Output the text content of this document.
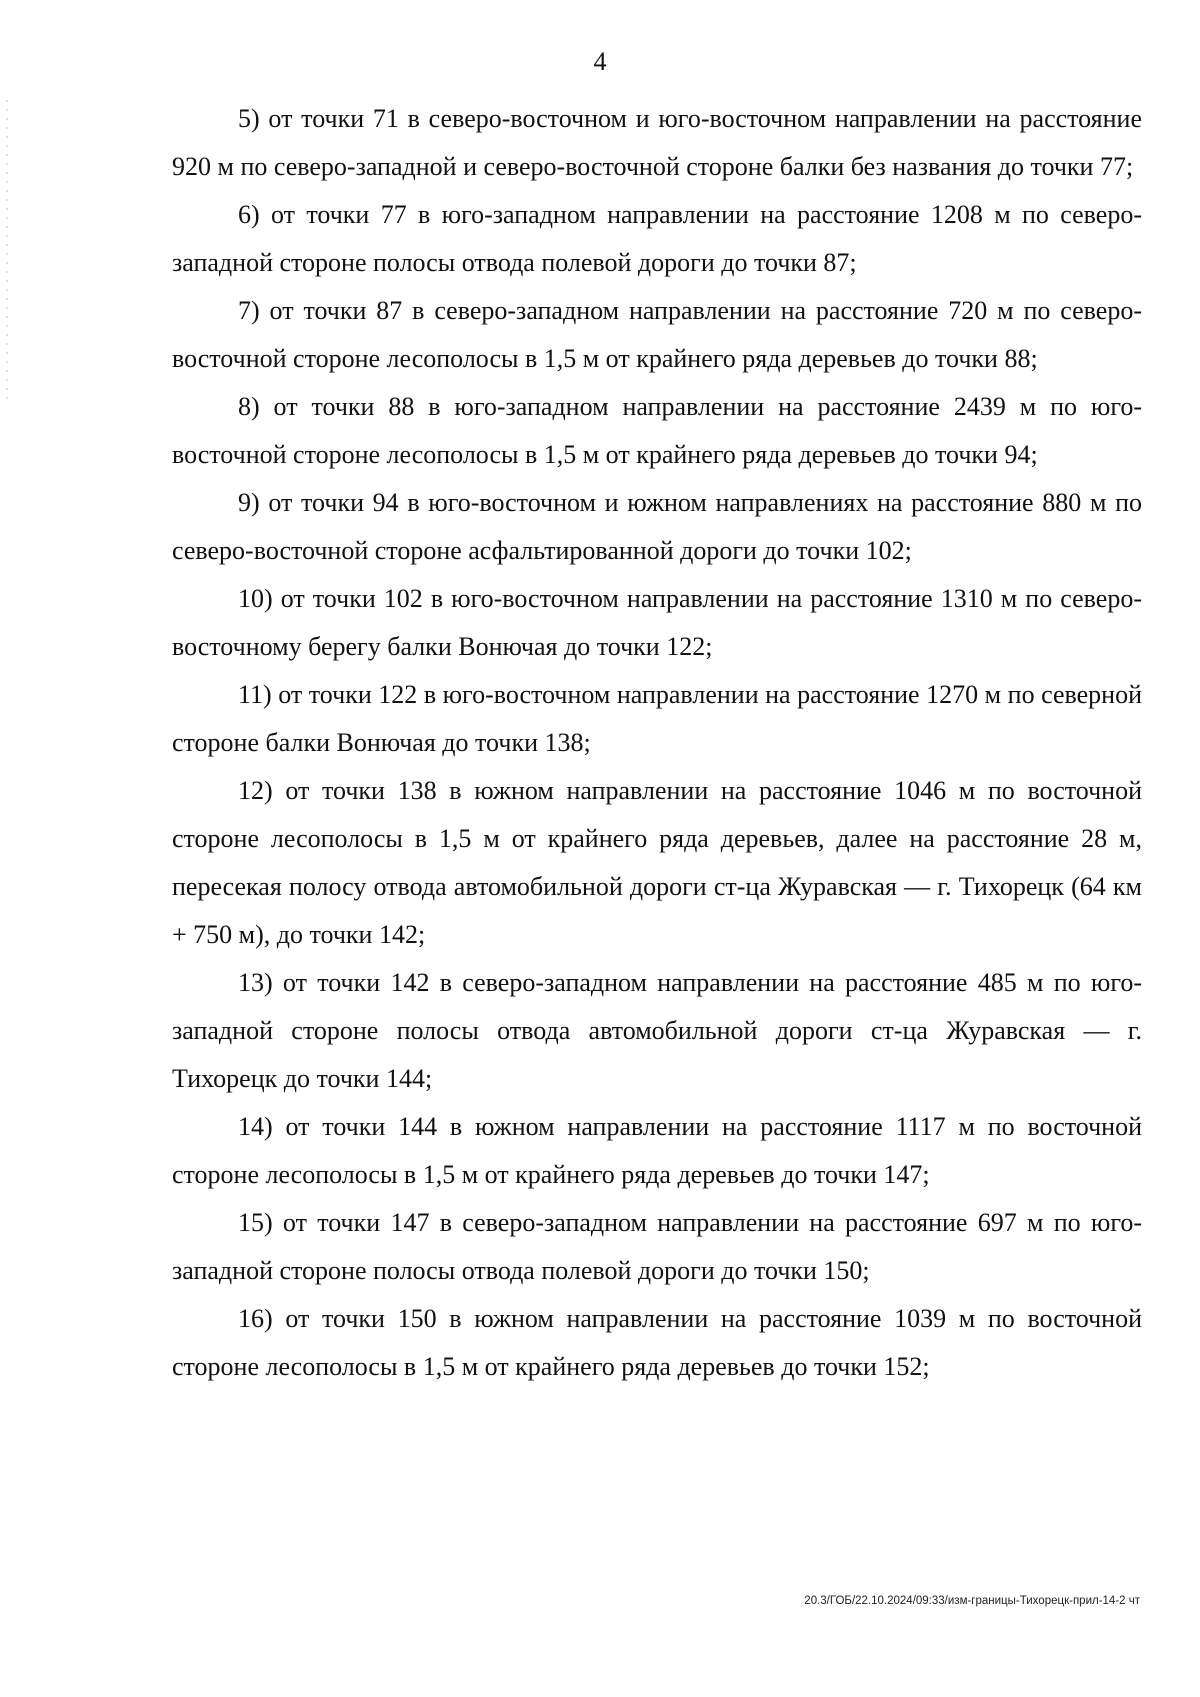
4

5) от точки 71 в северо-восточном и юго-восточном направлении на расстояние 920 м по северо-западной и северо-восточной стороне балки без названия до точки 77;

6) от точки 77 в юго-западном направлении на расстояние 1208 м по северо-западной стороне полосы отвода полевой дороги до точки 87;

7) от точки 87 в северо-западном направлении на расстояние 720 м по северо-восточной стороне лесополосы в 1,5 м от крайнего ряда деревьев до точки 88;

8) от точки 88 в юго-западном направлении на расстояние 2439 м по юго-восточной стороне лесополосы в 1,5 м от крайнего ряда деревьев до точки 94;

9) от точки 94 в юго-восточном и южном направлениях на расстояние 880 м по северо-восточной стороне асфальтированной дороги до точки 102;

10) от точки 102 в юго-восточном направлении на расстояние 1310 м по северо-восточному берегу балки Вонючая до точки 122;

11) от точки 122 в юго-восточном направлении на расстояние 1270 м по северной стороне балки Вонючая до точки 138;

12) от точки 138 в южном направлении на расстояние 1046 м по восточной стороне лесополосы в 1,5 м от крайнего ряда деревьев, далее на расстояние 28 м, пересекая полосу отвода автомобильной дороги ст-ца Журавская — г. Тихорецк (64 км + 750 м), до точки 142;

13) от точки 142 в северо-западном направлении на расстояние 485 м по юго-западной стороне полосы отвода автомобильной дороги ст-ца Журавская — г. Тихорецк до точки 144;

14) от точки 144 в южном направлении на расстояние 1117 м по восточной стороне лесополосы в 1,5 м от крайнего ряда деревьев до точки 147;

15) от точки 147 в северо-западном направлении на расстояние 697 м по юго-западной стороне полосы отвода полевой дороги до точки 150;

16) от точки 150 в южном направлении на расстояние 1039 м по восточной стороне лесополосы в 1,5 м от крайнего ряда деревьев до точки 152;

20.3/ГОБ/22.10.2024/09:33/изм-границы-Тихорецк-прил-14-2 чт
